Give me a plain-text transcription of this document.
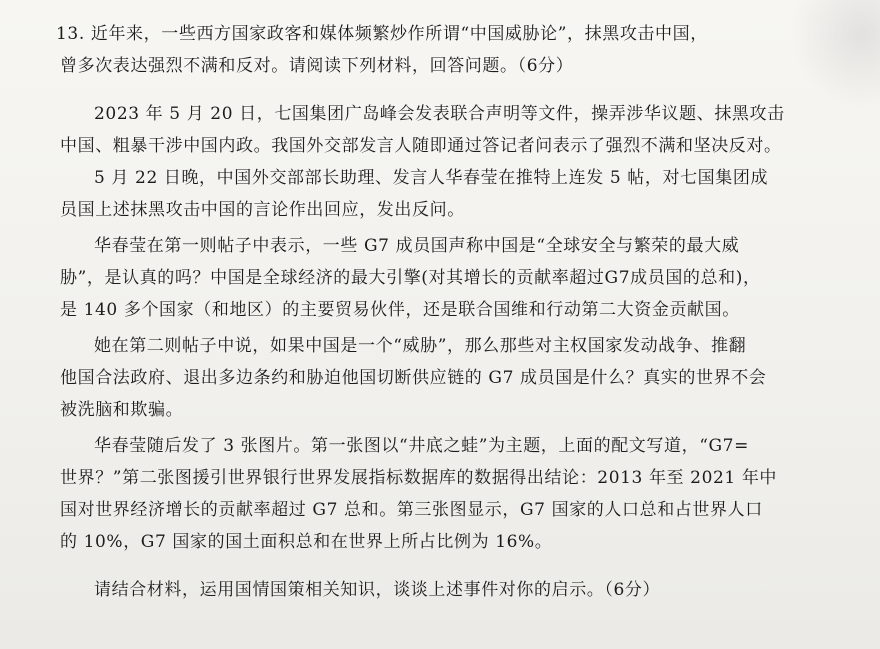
13. 近年来，一些西方国家政客和媒体频繁炒作所谓“中国威胁论”，抹黑攻击中国，
曾多次表达强烈不满和反对。请阅读下列材料，回答问题。（6分）
2023 年 5 月 20 日，七国集团广岛峰会发表联合声明等文件，操弄涉华议题、抹黑攻击
中国、粗暴干涉中国内政。我国外交部发言人随即通过答记者问表示了强烈不满和坚决反对。
5 月 22 日晚，中国外交部部长助理、发言人华春莹在推特上连发 5 帖，对七国集团成
员国上述抹黑攻击中国的言论作出回应，发出反问。
华春莹在第一则帖子中表示，一些 G7 成员国声称中国是“全球安全与繁荣的最大威
胁”，是认真的吗？中国是全球经济的最大引擎(对其增长的贡献率超过G7成员国的总和)，
是 140 多个国家（和地区）的主要贸易伙伴，还是联合国维和行动第二大资金贡献国。
她在第二则帖子中说，如果中国是一个“威胁”，那么那些对主权国家发动战争、推翻
他国合法政府、退出多边条约和胁迫他国切断供应链的 G7 成员国是什么？真实的世界不会
被洗脑和欺骗。
华春莹随后发了 3 张图片。第一张图以“井底之蛙”为主题，上面的配文写道，“G7=
世界？”第二张图援引世界银行世界发展指标数据库的数据得出结论：2013 年至 2021 年中
国对世界经济增长的贡献率超过 G7 总和。第三张图显示，G7 国家的人口总和占世界人口
的 10%，G7 国家的国土面积总和在世界上所占比例为 16%。
请结合材料，运用国情国策相关知识，谈谈上述事件对你的启示。（6分）
